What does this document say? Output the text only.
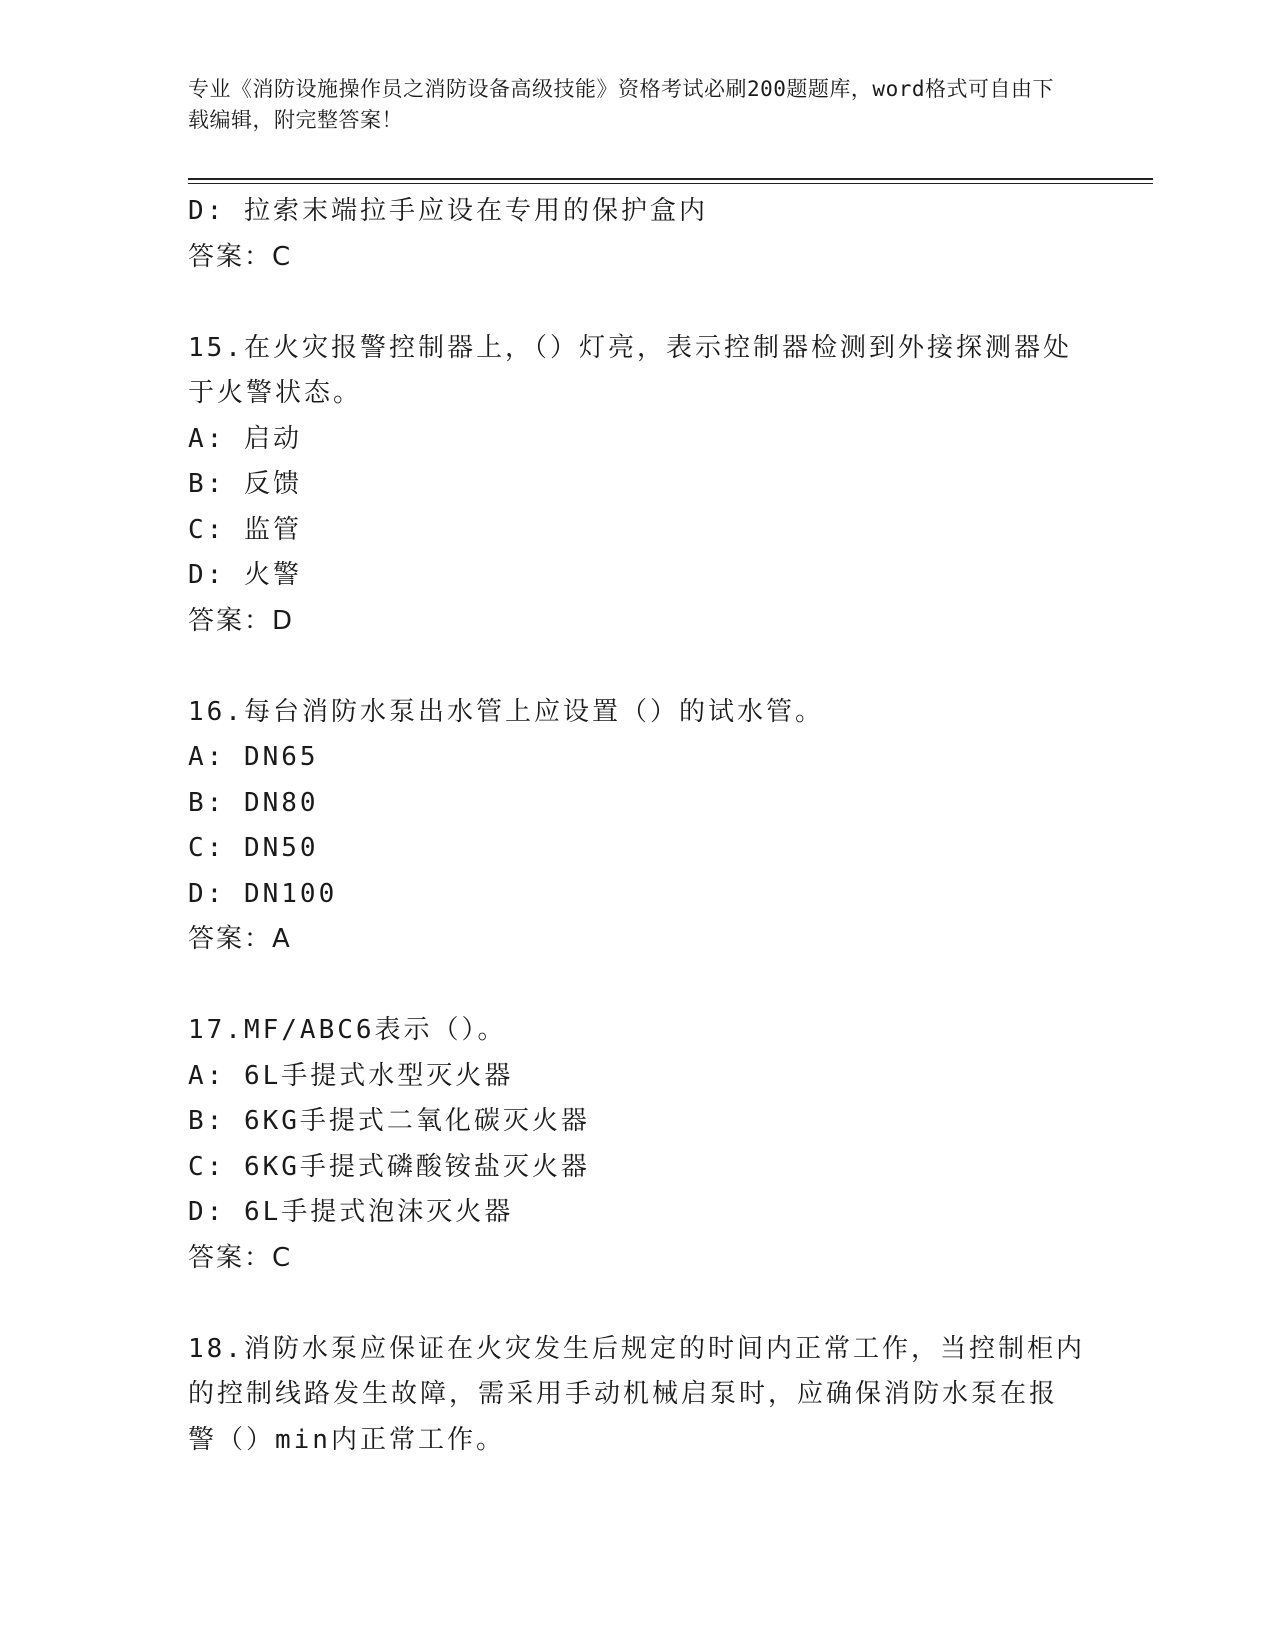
专业《消防设施操作员之消防设备高级技能》资格考试必刷200题题库，word格式可自由下载编辑，附完整答案！
D: 拉索末端拉手应设在专用的保护盒内
答案：C
15.在火灾报警控制器上，（）灯亮，表示控制器检测到外接探测器处
于火警状态。
A: 启动
B: 反馈
C: 监管
D: 火警
答案：D
16.每台消防水泵出水管上应设置（）的试水管。
A: DN65
B: DN80
C: DN50
D: DN100
答案：A
17.MF/ABC6表示（）。
A: 6L手提式水型灭火器
B: 6KG手提式二氧化碳灭火器
C: 6KG手提式磷酸铵盐灭火器
D: 6L手提式泡沫灭火器
答案：C
18.消防水泵应保证在火灾发生后规定的时间内正常工作，当控制柜内
的控制线路发生故障，需采用手动机械启泵时，应确保消防水泵在报
警（）min内正常工作。
